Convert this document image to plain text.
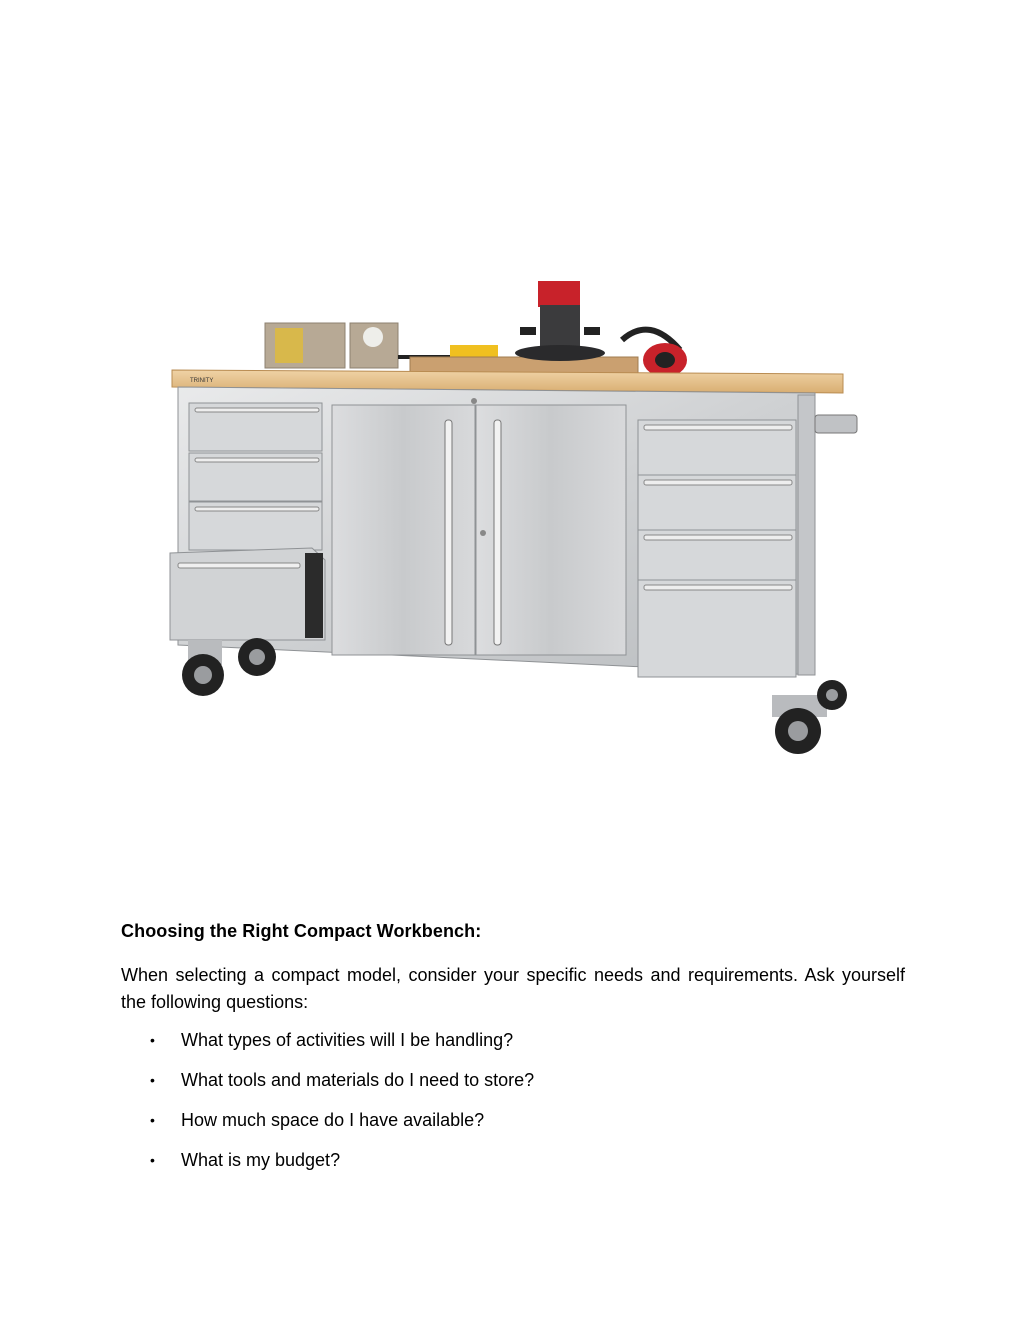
TRINITY
Choosing the Right Compact Workbench:
When selecting a compact model, consider your specific needs and requirements. Ask yourself the following questions:
• What types of activities will I be handling?
• What tools and materials do I need to store?
• How much space do I have available?
• What is my budget?
